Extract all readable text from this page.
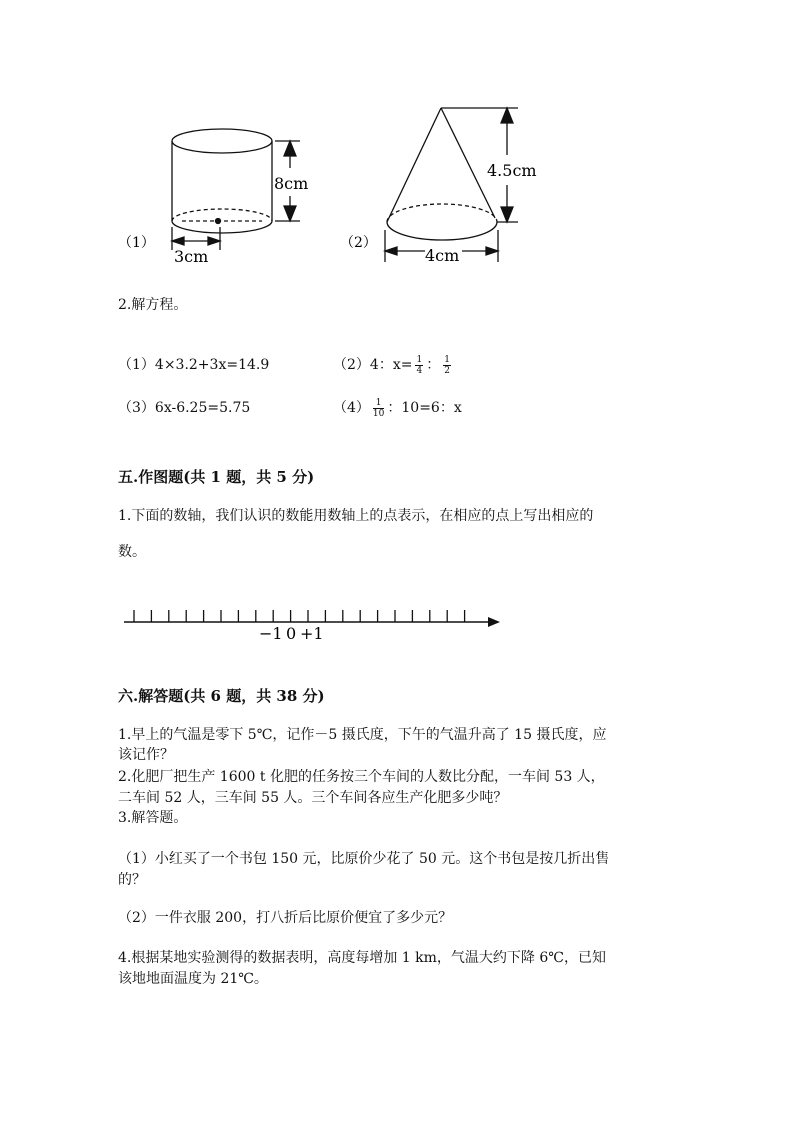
（1）
8cm
3cm
（2）
4.5cm
4cm
2.解方程。
（1）4×3.2+3x=14.9	（2）4：$x= \frac{1}{4}$ ： $\frac{1}{2}$
（3）6x-6.25=5.75	$(4) \frac{1}{10}$ ：10=6：x
五.作图题(共 1 题，共 5 分)
1.下面的数轴，我们认识的数能用数轴上的点表示，在相应的点上写出相应的
数。
−1 0 +1
六.解答题(共 6 题，共 38 分)
1.早上的气温是零下 5℃，记作－5 摄氏度，下午的气温升高了 15 摄氏度，应
该记作？
2.化肥厂把生产 1600 t 化肥的任务按三个车间的人数比分配，一车间 53 人，
二车间 52 人，三车间 55 人。三个车间各应生产化肥多少吨？
3.解答题。
（1）小红买了一个书包 150 元，比原价少花了 50 元。这个书包是按几折出售
的？
（2）一件衣服 200，打八折后比原价便宜了多少元？
4.根据某地实验测得的数据表明，高度每增加 1 km，气温大约下降 6℃，已知
该地地面温度为 21℃。
